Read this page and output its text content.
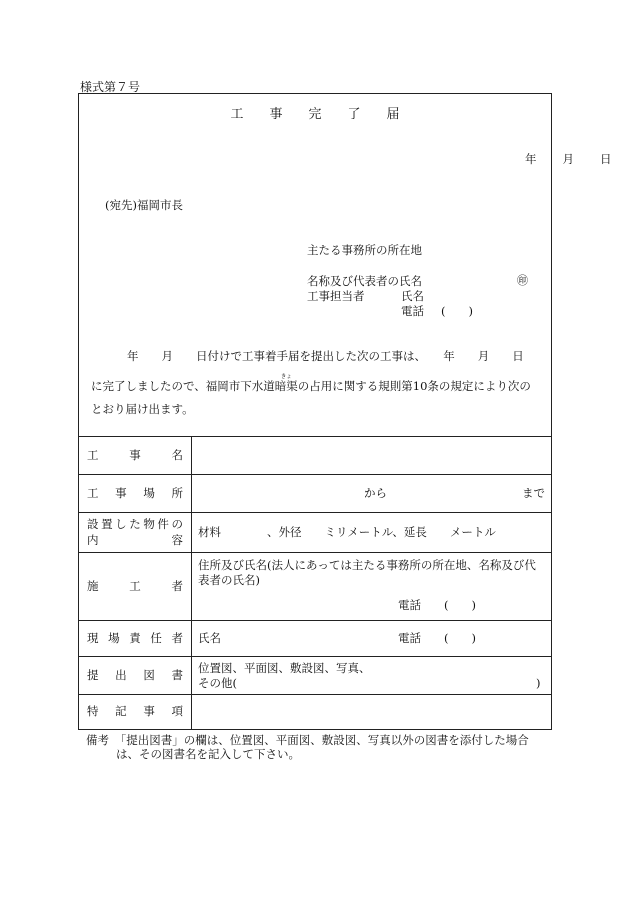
様式第７号
工 事 完 了 届
年 月 日
(宛先)福岡市長
主たる事務所の所在地
名称及び代表者の氏名	㊞
工事担当者	氏名
電話 (　　)
年　　月　　日付けで工事着手届を提出した次の工事は、　　年　　月　　日
に完了しましたので、福岡市下水道暗渠
きょ
の占用に関する規則第10条の規定により次の
とおり届け出ます。
工事名	
工事場所	から まで

設置した物件の
内容	材料　　　　、外径　　ミリメートル、延長　　メートル
施工者	住所及び氏名(法人にあっては主たる事務所の所在地、名称及び代表者の氏名)
電話　　(　　)

現場責任者	氏名 電話　　(　　)

提出図書	位置図、平面図、敷設図、写真、
その他( )

特記事項	
備考　「提出図書」の欄は、位置図、平面図、敷設図、写真以外の図書を添付した場合
は、その図書名を記入して下さい。
